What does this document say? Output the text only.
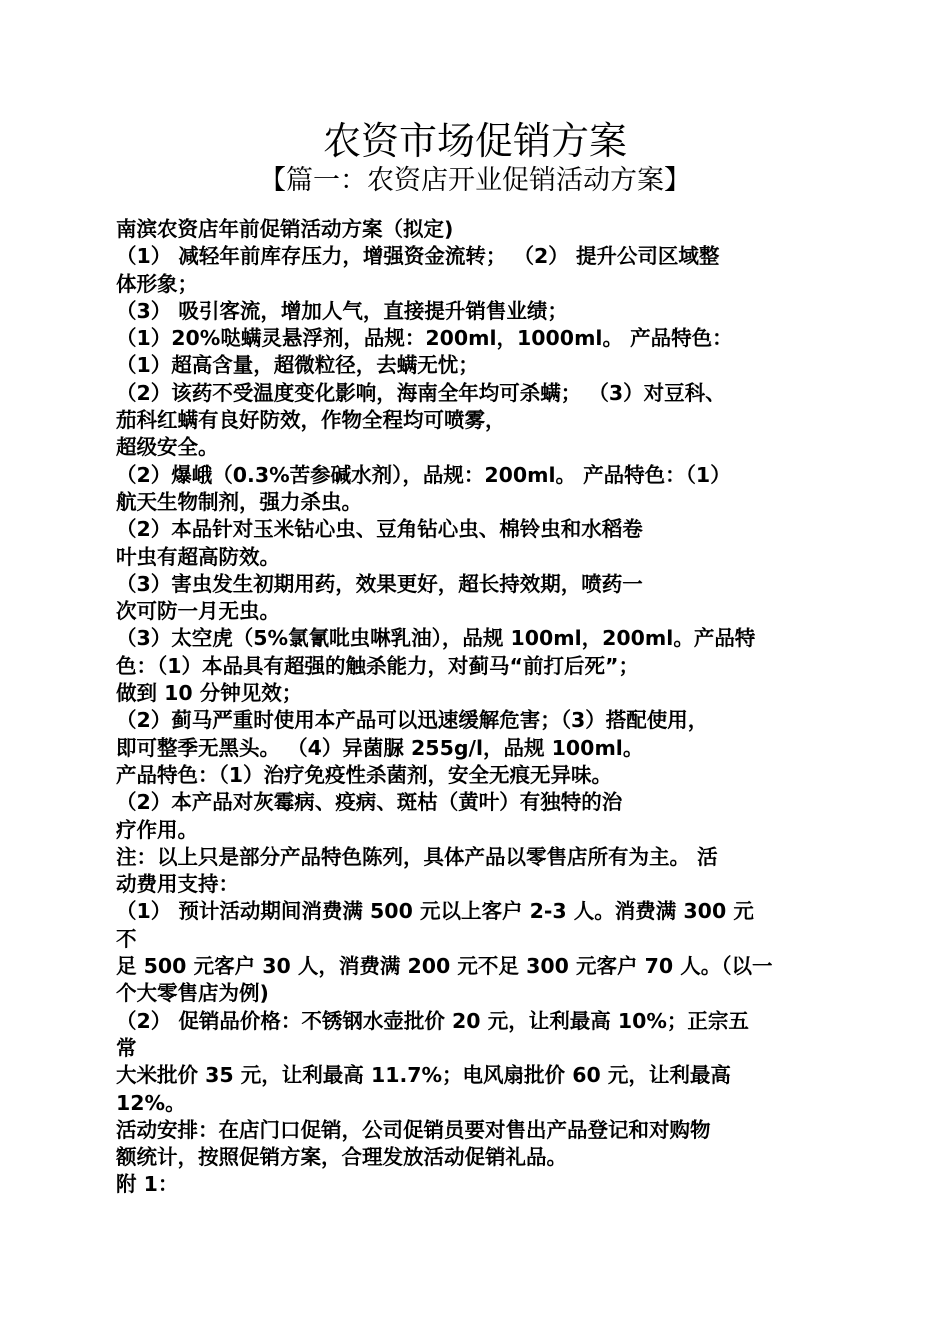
农资市场促销方案
【篇一：农资店开业促销活动方案】
南滨农资店年前促销活动方案（拟定)
（1） 减轻年前库存压力，增强资金流转； （2） 提升公司区域整
体形象；
（3） 吸引客流，增加人气，直接提升销售业绩；
（1）20%哒螨灵悬浮剂，品规：200ml，1000ml。 产品特色：
（1）超高含量，超微粒径，去螨无忧；
（2）该药不受温度变化影响，海南全年均可杀螨； （3）对豆科、
茄科红螨有良好防效，作物全程均可喷雾，
超级安全。
（2）爆峨（0.3%苦参碱水剂），品规：200ml。 产品特色：（1）
航天生物制剂，强力杀虫。
（2）本品针对玉米钻心虫、豆角钻心虫、棉铃虫和水稻卷
叶虫有超高防效。
（3）害虫发生初期用药，效果更好，超长持效期，喷药一
次可防一月无虫。
（3）太空虎（5%氯氰吡虫啉乳油），品规 100ml，200ml。产品特
色：（1）本品具有超强的触杀能力，对蓟马“前打后死”；
做到 10 分钟见效；
（2）蓟马严重时使用本产品可以迅速缓解危害；（3）搭配使用，
即可整季无黑头。 （4）异菌脲 255g/l，品规 100ml。
产品特色：（1）治疗免疫性杀菌剂，安全无痕无异味。
（2）本产品对灰霉病、疫病、斑枯（黄叶）有独特的治
疗作用。
注：以上只是部分产品特色陈列，具体产品以零售店所有为主。 活
动费用支持：
（1） 预计活动期间消费满 500 元以上客户 2-3 人。消费满 300 元
不
足 500 元客户 30 人，消费满 200 元不足 300 元客户 70 人。（以一
个大零售店为例)
（2） 促销品价格：不锈钢水壶批价 20 元，让利最高 10%；正宗五
常
大米批价 35 元，让利最高 11.7%；电风扇批价 60 元，让利最高
12%。
活动安排：在店门口促销，公司促销员要对售出产品登记和对购物
额统计，按照促销方案，合理发放活动促销礼品。
附 1：
